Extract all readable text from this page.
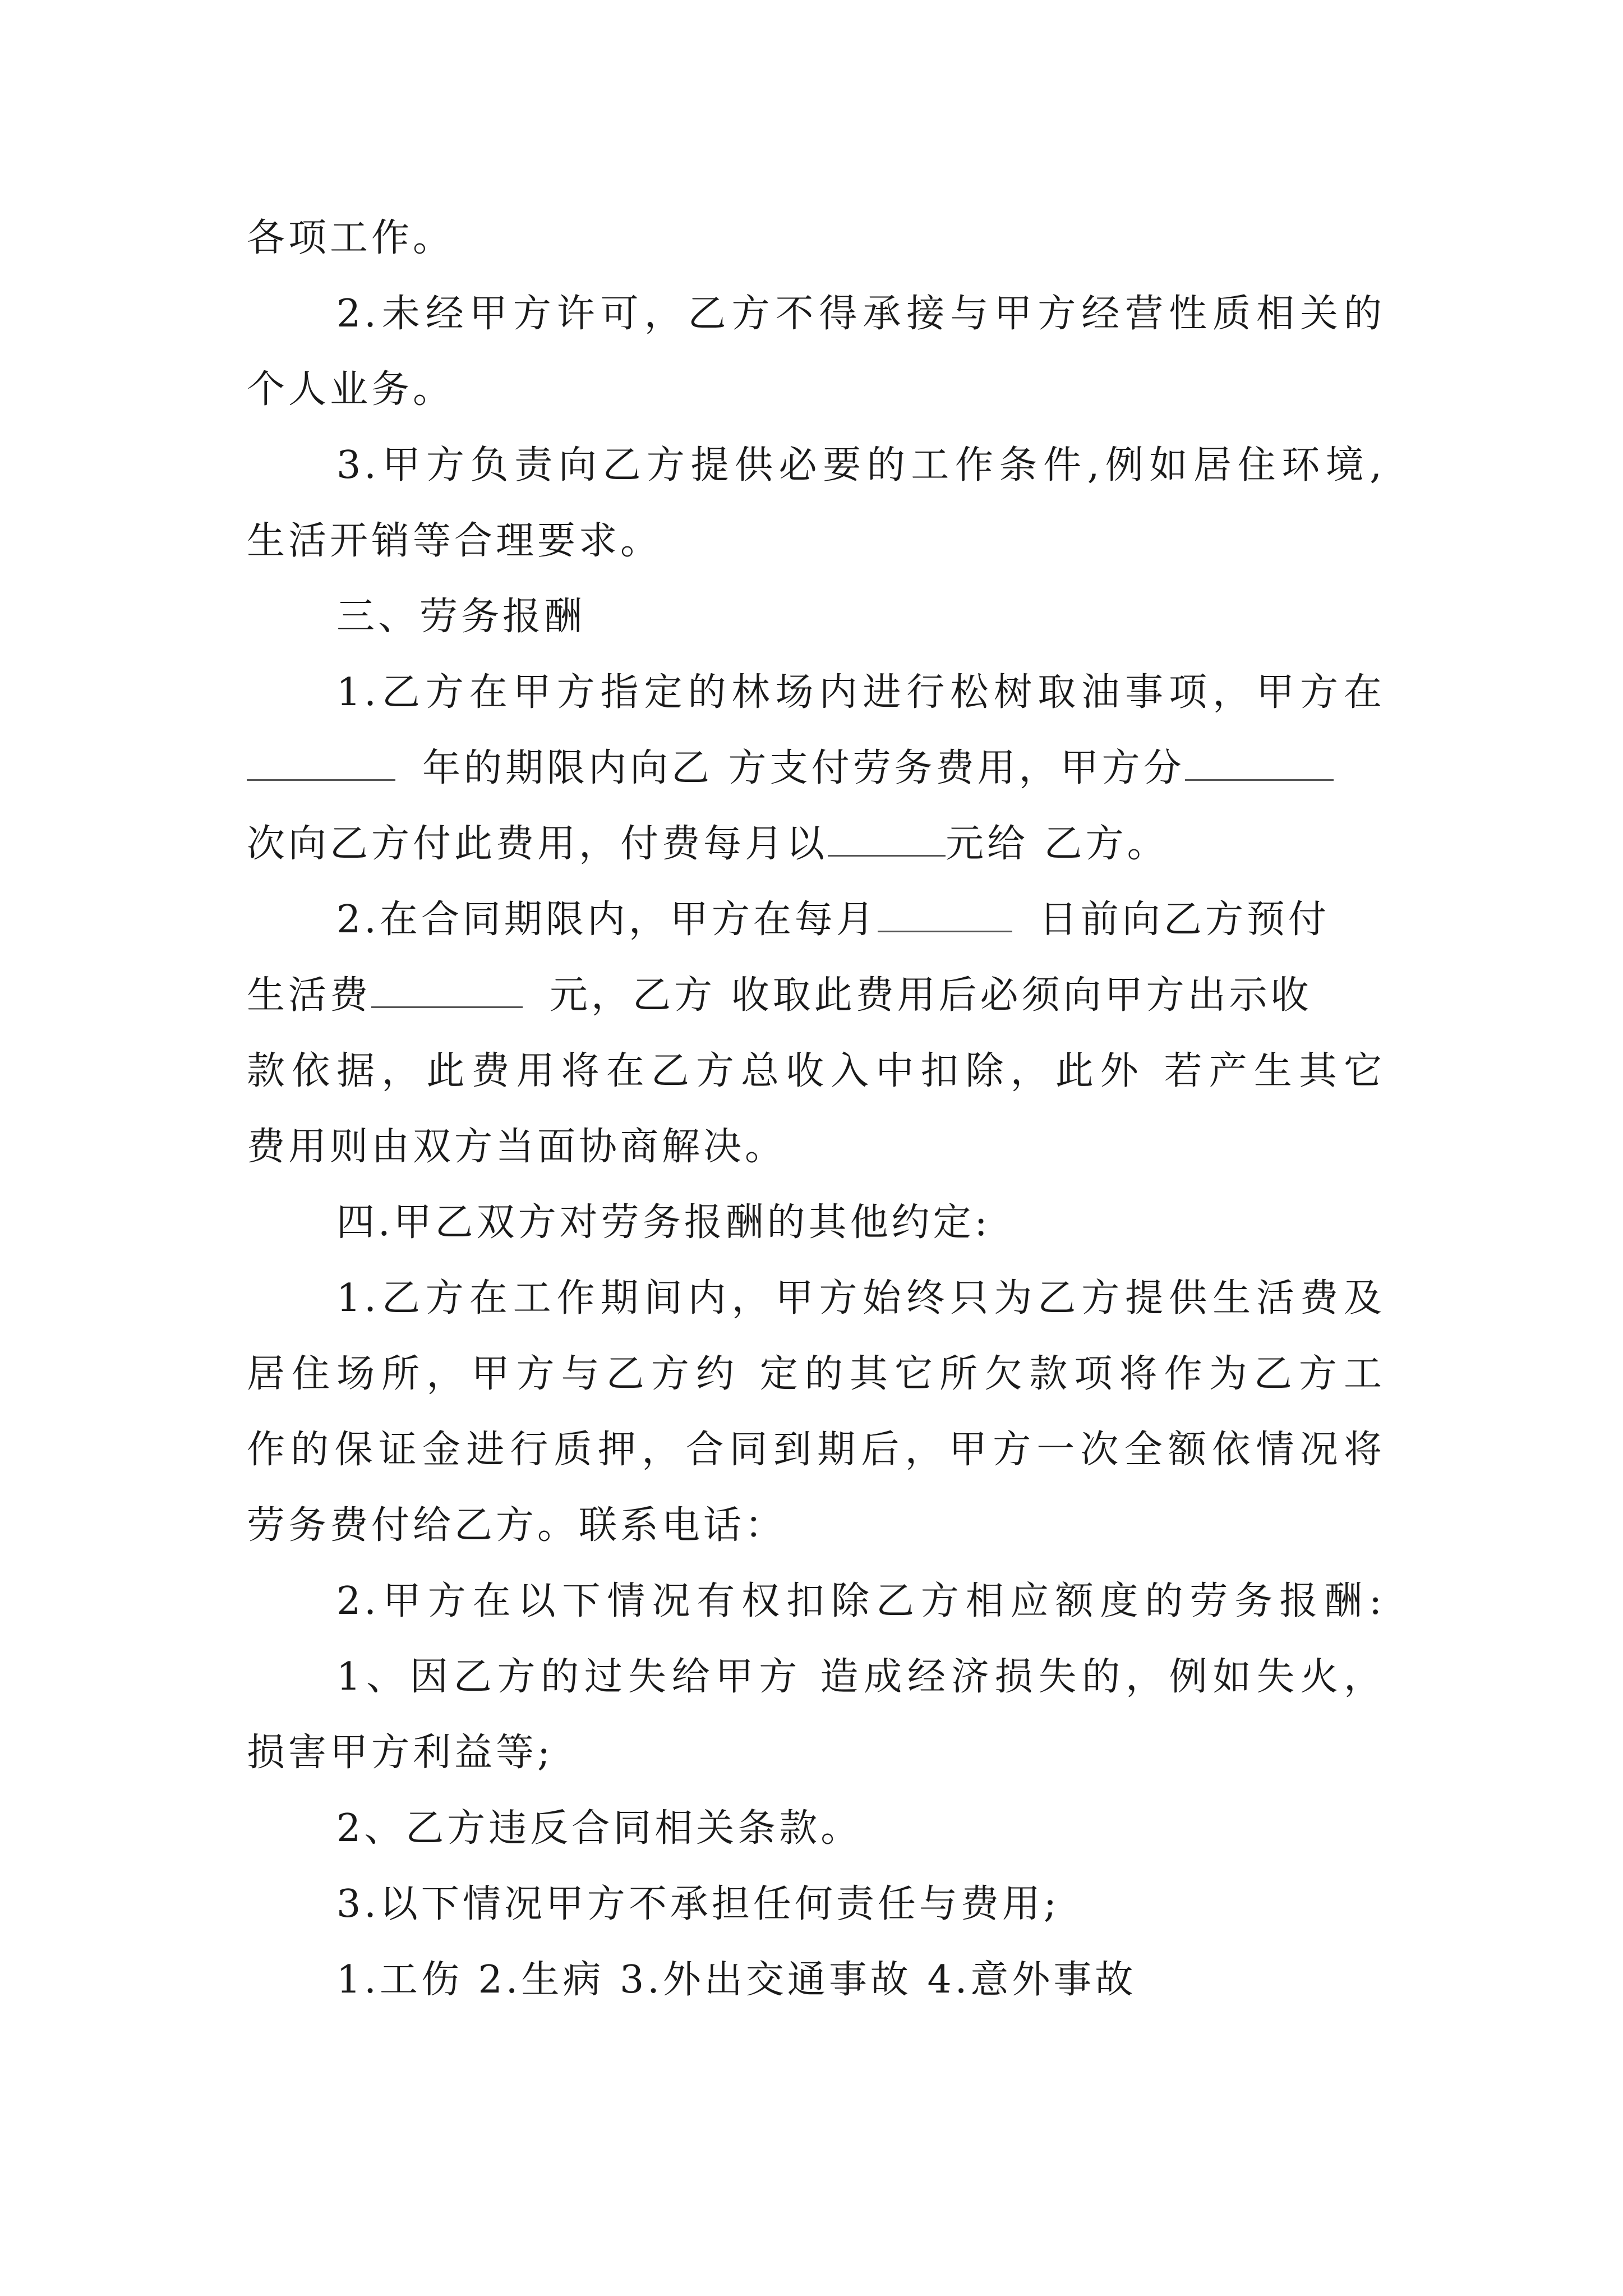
各项工作。
2.未经甲方许可，乙方不得承接与甲方经营性质相关的
个人业务。
3.甲方负责向乙方提供必要的工作条件,例如居住环境,
生活开销等合理要求。
三、劳务报酬
1.乙方在甲方指定的林场内进行松树取油事项，甲方在
年的期限内向乙 方支付劳务费用，甲方分
次向乙方付此费用，付费每月以	元给 乙方。
2.在合同期限内，甲方在每月	日前向乙方预付
生活费	元，乙方 收取此费用后必须向甲方出示收
款依据，此费用将在乙方总收入中扣除，此外 若产生其它
费用则由双方当面协商解决。
四.甲乙双方对劳务报酬的其他约定:
1.乙方在工作期间内，甲方始终只为乙方提供生活费及
居住场所，甲方与乙方约 定的其它所欠款项将作为乙方工
作的保证金进行质押，合同到期后，甲方一次全额依情况将
劳务费付给乙方。联系电话：
2.甲方在以下情况有权扣除乙方相应额度的劳务报酬:
1、因乙方的过失给甲方 造成经济损失的，例如失火，
损害甲方利益等;
2、乙方违反合同相关条款。
3.以下情况甲方不承担任何责任与费用;
1.工伤 2.生病 3.外出交通事故 4.意外事故
